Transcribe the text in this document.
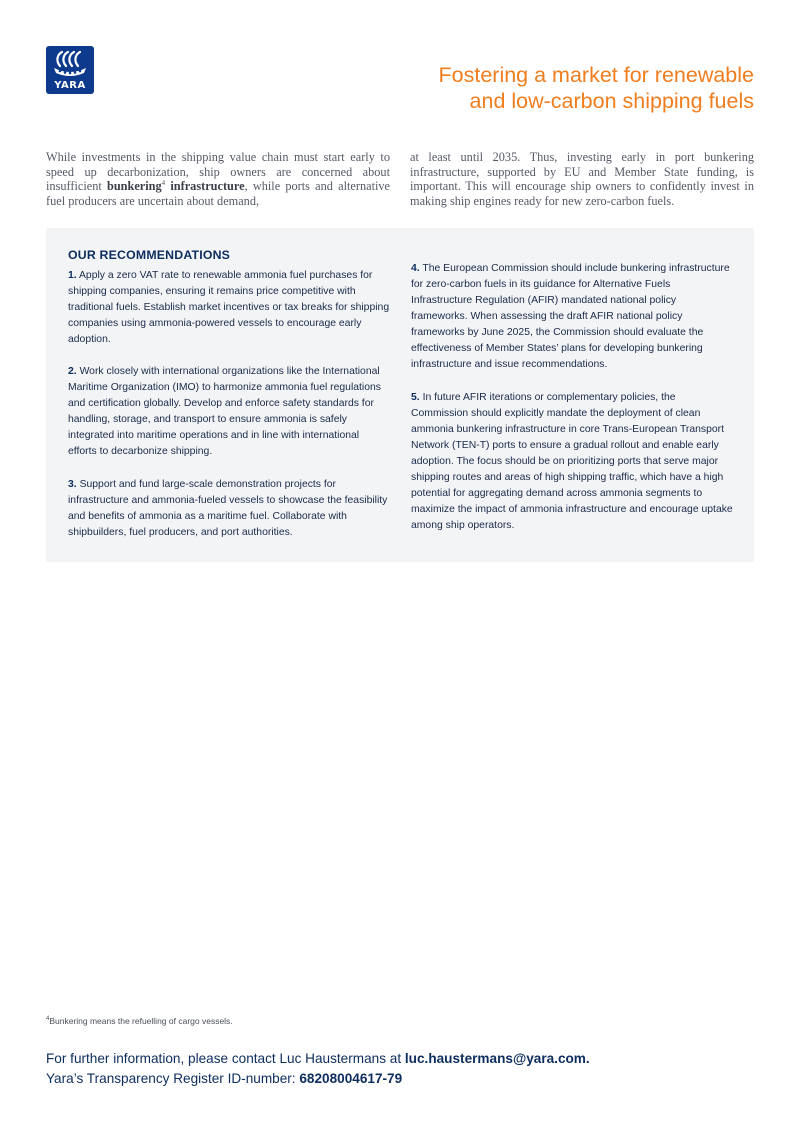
YARA	Fostering a market for renewable
and low-carbon shipping fuels

While investments in the shipping value chain must start early to speed up decarbonization, ship owners are concerned about insufficient bunkering$^4$ infrastructure, while ports and alternative fuel producers are uncertain about demand,

at least until 2035. Thus, investing early in port bunkering infrastructure, supported by EU and Member State funding, is important. This will encourage ship owners to confidently invest in making ship engines ready for new zero-carbon fuels.

OUR RECOMMENDATIONS

1. Apply a zero VAT rate to renewable ammonia fuel purchases for shipping companies, ensuring it remains price competitive with traditional fuels. Establish market incentives or tax breaks for shipping companies using ammonia-powered vessels to encourage early adoption.

2. Work closely with international organizations like the International Maritime Organization (IMO) to harmonize ammonia fuel regulations and certification globally. Develop and enforce safety standards for handling, storage, and transport to ensure ammonia is safely integrated into maritime operations and in line with international efforts to decarbonize shipping.

3. Support and fund large-scale demonstration projects for infrastructure and ammonia-fueled vessels to showcase the feasibility and benefits of ammonia as a maritime fuel. Collaborate with shipbuilders, fuel producers, and port authorities.

4. The European Commission should include bunkering infrastructure for zero-carbon fuels in its guidance for Alternative Fuels Infrastructure Regulation (AFIR) mandated national policy frameworks. When assessing the draft AFIR national policy frameworks by June 2025, the Commission should evaluate the effectiveness of Member States’ plans for developing bunkering infrastructure and issue recommendations.

5. In future AFIR iterations or complementary policies, the Commission should explicitly mandate the deployment of clean ammonia bunkering infrastructure in core Trans-European Transport Network (TEN-T) ports to ensure a gradual rollout and enable early adoption. The focus should be on prioritizing ports that serve major shipping routes and areas of high shipping traffic, which have a high potential for aggregating demand across ammonia segments to maximize the impact of ammonia infrastructure and encourage uptake among ship operators.

$^4$Bunkering means the refuelling of cargo vessels.
For further information, please contact Luc Haustermans at luc.haustermans@yara.com.
Yara’s Transparency Register ID-number: 68208004617-79
